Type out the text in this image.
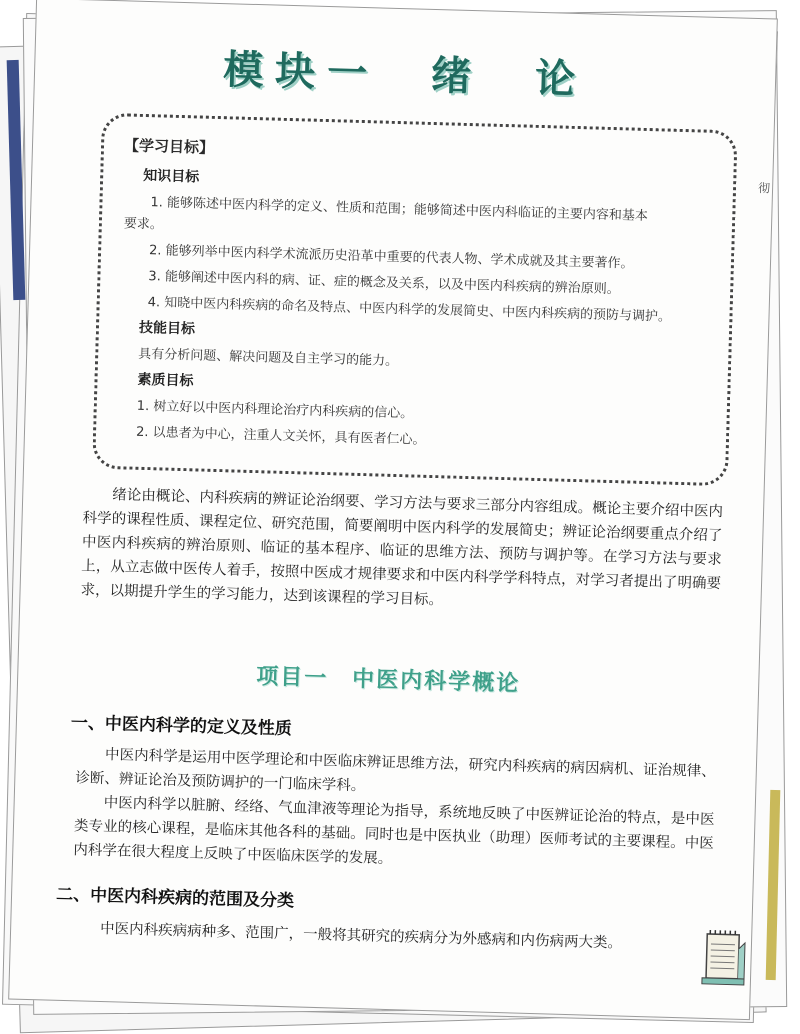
彻
模块一　绪　论
【学习目标】
知识目标
1. 能够陈述中医内科学的定义、性质和范围；能够简述中医内科临证的主要内容和基本
要求。
2. 能够列举中医内科学术流派历史沿革中重要的代表人物、学术成就及其主要著作。
3. 能够阐述中医内科的病、证、症的概念及关系，以及中医内科疾病的辨治原则。
4. 知晓中医内科疾病的命名及特点、中医内科学的发展简史、中医内科疾病的预防与调护。
技能目标
具有分析问题、解决问题及自主学习的能力。
素质目标
1. 树立好以中医内科理论治疗内科疾病的信心。
2. 以患者为中心，注重人文关怀，具有医者仁心。

绪论由概论、内科疾病的辨证论治纲要、学习方法与要求三部分内容组成。概论主要介绍中医内科学的课程性质、课程定位、研究范围，简要阐明中医内科学的发展简史；辨证论治纲要重点介绍了中医内科疾病的辨治原则、临证的基本程序、临证的思维方法、预防与调护等。在学习方法与要求上，从立志做中医传人着手，按照中医成才规律要求和中医内科学学科特点，对学习者提出了明确要求，以期提升学生的学习能力，达到该课程的学习目标。

项目一　中医内科学概论
一、中医内科学的定义及性质

中医内科学是运用中医学理论和中医临床辨证思维方法，研究内科疾病的病因病机、证治规律、诊断、辨证论治及预防调护的一门临床学科。

中医内科学以脏腑、经络、气血津液等理论为指导，系统地反映了中医辨证论治的特点，是中医类专业的核心课程，是临床其他各科的基础。同时也是中医执业（助理）医师考试的主要课程。中医内科学在很大程度上反映了中医临床医学的发展。

二、中医内科疾病的范围及分类

中医内科疾病病种多、范围广，一般将其研究的疾病分为外感病和内伤病两大类。
